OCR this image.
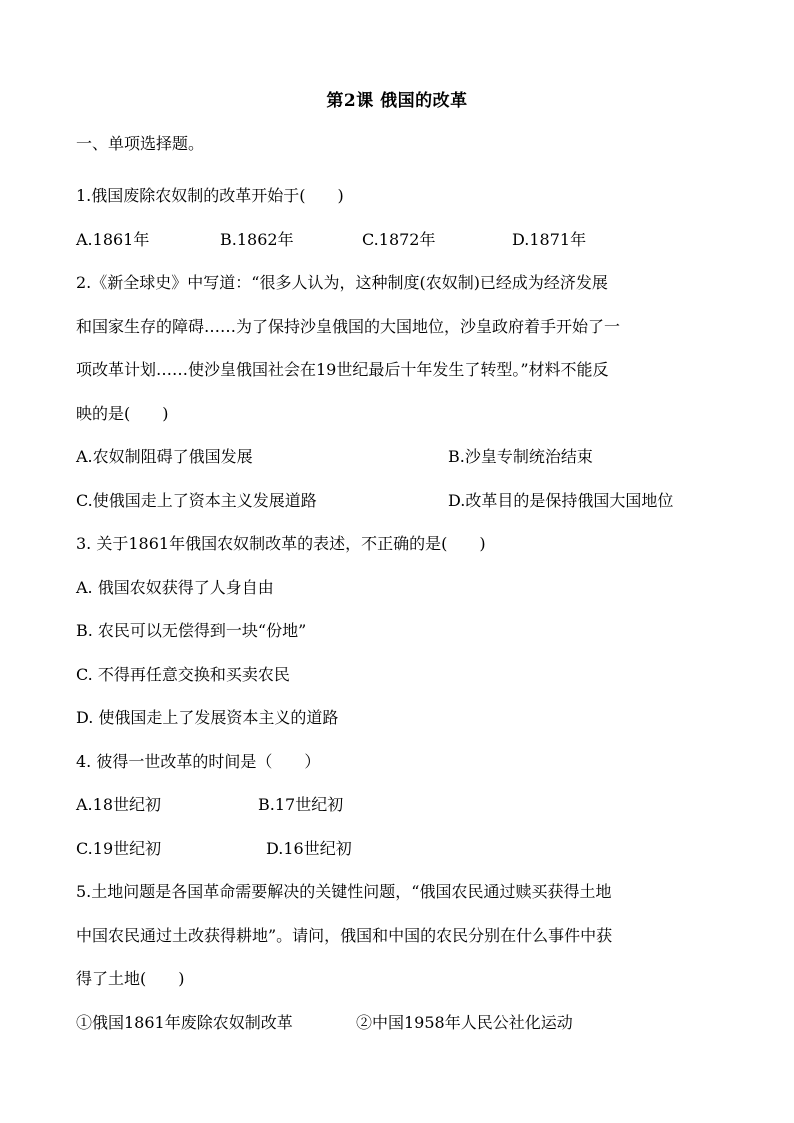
第2课 俄国的改革
一、单项选择题。
1.俄国废除农奴制的改革开始于(　　)
A.1861年	B.1862年	C.1872年	D.1871年
2.《新全球史》中写道：“很多人认为，这种制度(农奴制)已经成为经济发展
和国家生存的障碍……为了保持沙皇俄国的大国地位，沙皇政府着手开始了一
项改革计划……使沙皇俄国社会在19世纪最后十年发生了转型。”材料不能反
映的是(　　)
A.农奴制阻碍了俄国发展	B.沙皇专制统治结束
C.使俄国走上了资本主义发展道路	D.改革目的是保持俄国大国地位
3. 关于1861年俄国农奴制改革的表述，不正确的是(　　)
A. 俄国农奴获得了人身自由
B. 农民可以无偿得到一块“份地”
C. 不得再任意交换和买卖农民
D. 使俄国走上了发展资本主义的道路
4. 彼得一世改革的时间是（　　）
A.18世纪初	B.17世纪初
C.19世纪初	D.16世纪初
5.土地问题是各国革命需要解决的关键性问题，“俄国农民通过赎买获得土地
中国农民通过土改获得耕地”。请问，俄国和中国的农民分别在什么事件中获
得了土地(　　)
①俄国1861年废除农奴制改革	②中国1958年人民公社化运动
